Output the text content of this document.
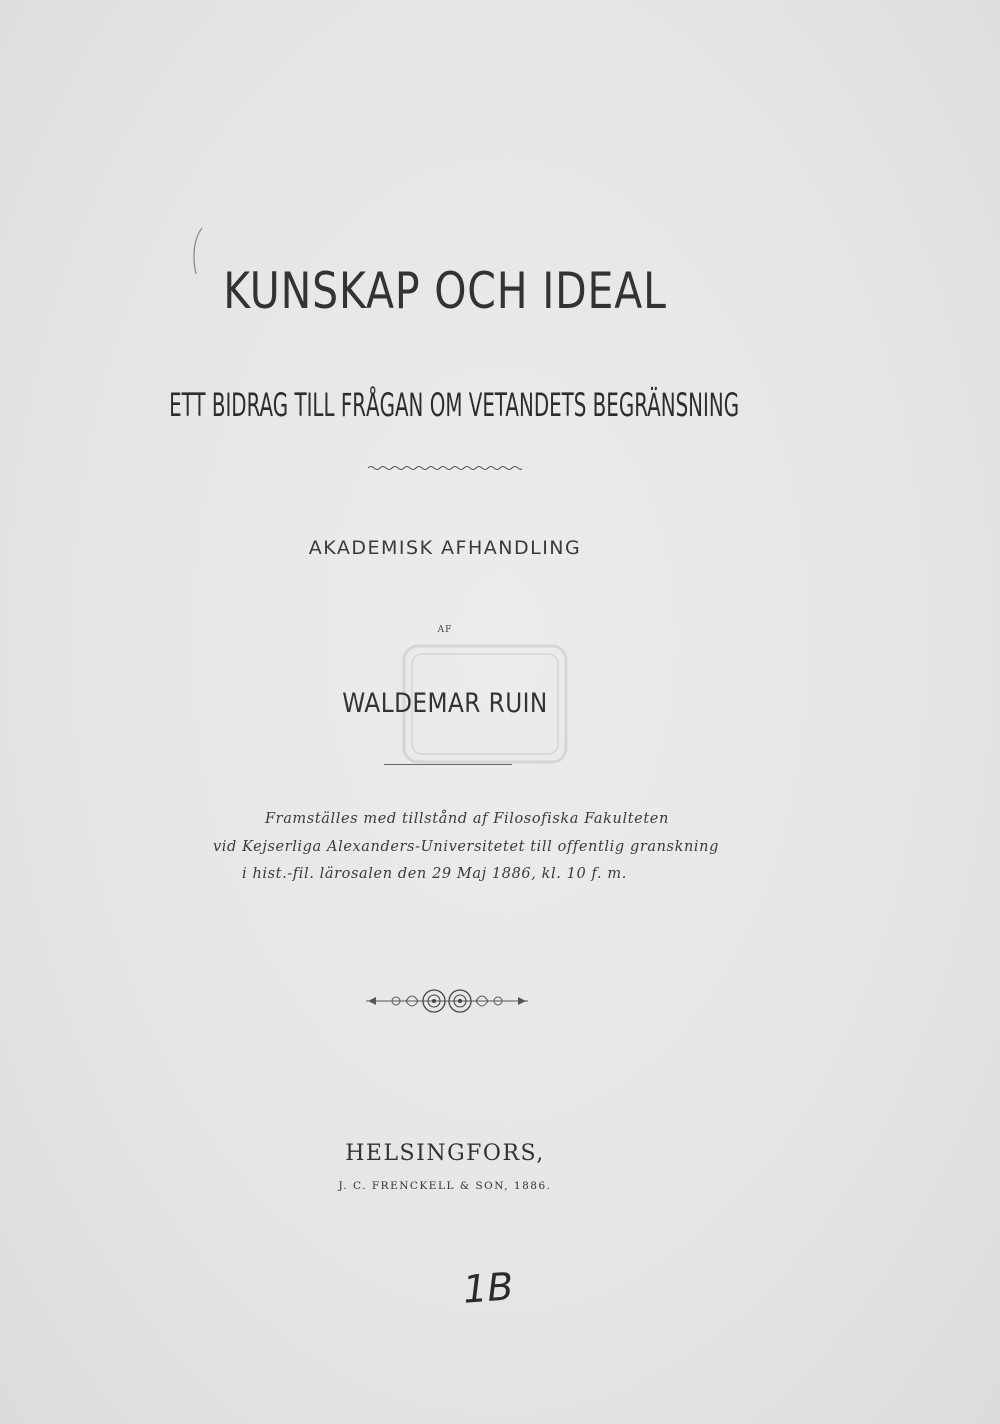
KUNSKAP OCH IDEAL
ETT BIDRAG TILL FRÅGAN OM VETANDETS BEGRÄNSNING
AKADEMISK AFHANDLING
AF
WALDEMAR RUIN
Framställes med tillstånd af Filosofiska Fakulteten
vid Kejserliga Alexanders-Universitetet till offentlig granskning
i hist.-fil. lärosalen den 29 Maj 1886, kl. 10 f. m.
HELSINGFORS,
J. C. FRENCKELL & SON, 1886.
1B
